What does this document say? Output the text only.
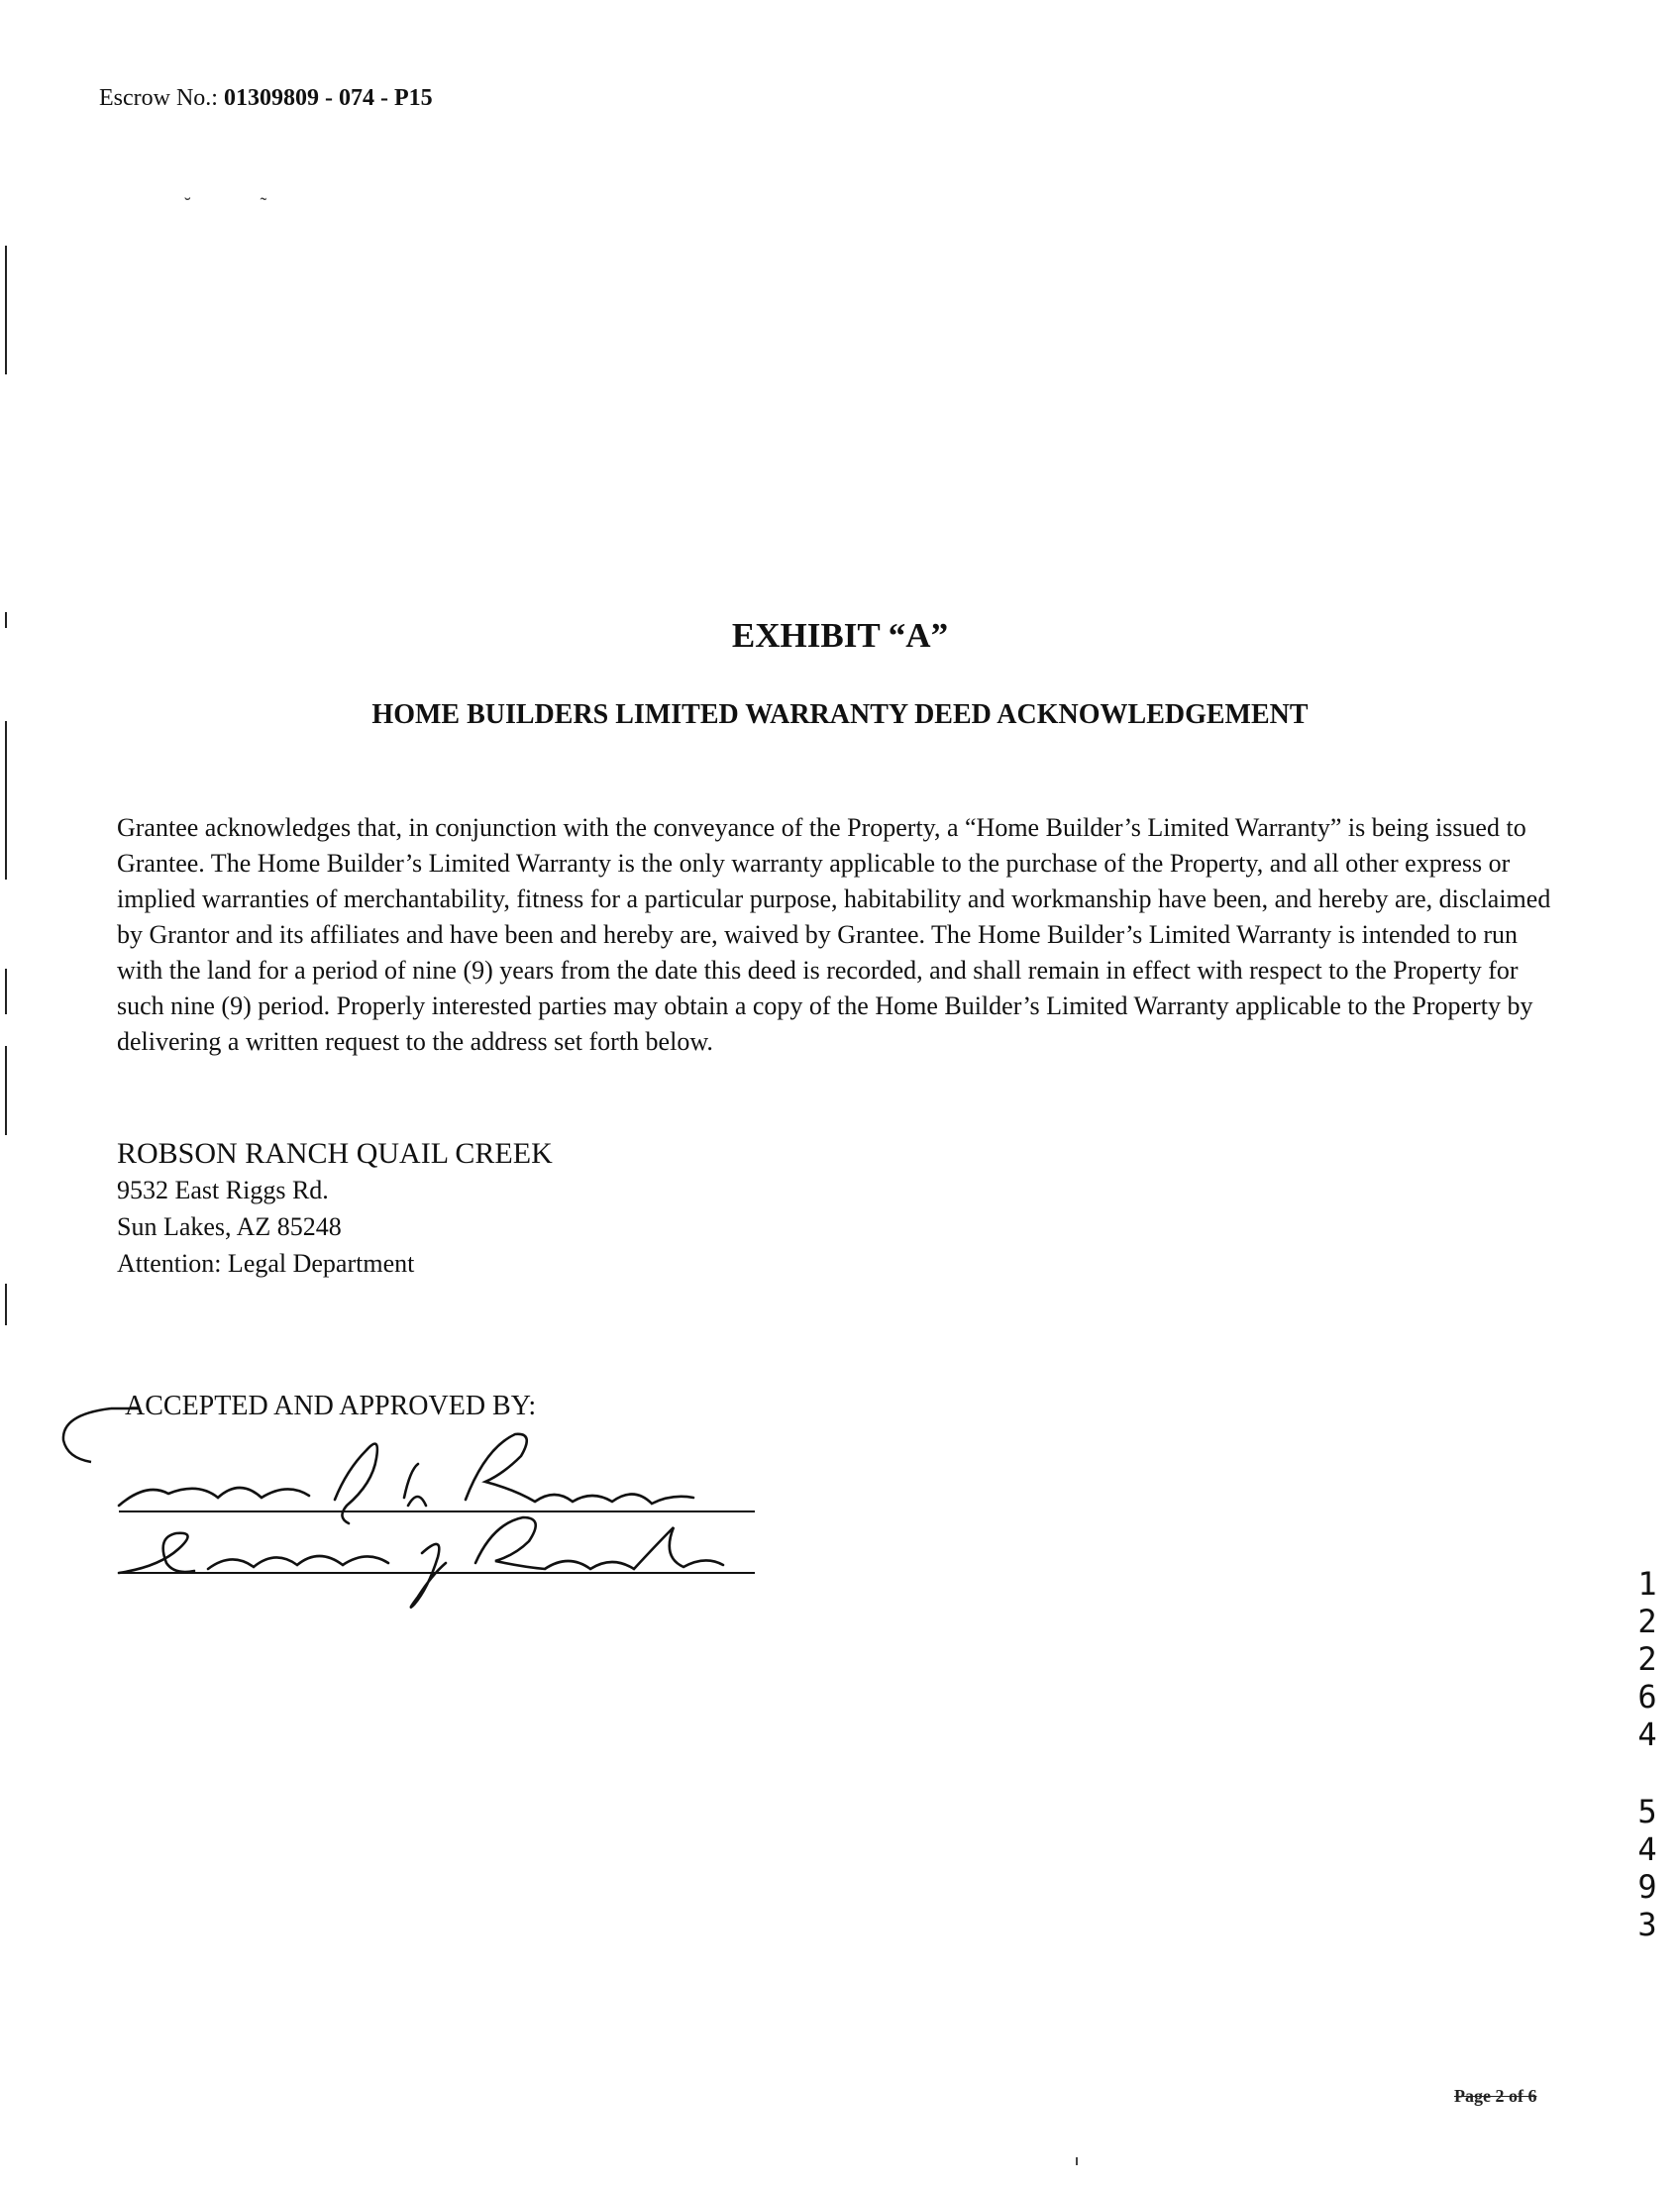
Escrow No.: 01309809 - 074 - P15
˘˜
EXHIBIT “A”
HOME BUILDERS LIMITED WARRANTY DEED ACKNOWLEDGEMENT
Grantee acknowledges that, in conjunction with the conveyance of the Property, a “Home Builder’s Limited Warranty” is being issued to Grantee. The Home Builder’s Limited Warranty is the only warranty applicable to the purchase of the Property, and all other express or implied warranties of merchantability, fitness for a particular purpose, habitability and workmanship have been, and hereby are, disclaimed by Grantor and its affiliates and have been and hereby are, waived by Grantee. The Home Builder’s Limited Warranty is intended to run with the land for a period of nine (9) years from the date this deed is recorded, and shall remain in effect with respect to the Property for such nine (9) period. Properly interested parties may obtain a copy of the Home Builder’s Limited Warranty applicable to the Property by delivering a written request to the address set forth below.
ROBSON RANCH QUAIL CREEK
9532 East Riggs Rd.
Sun Lakes, AZ 85248
Attention: Legal Department
ACCEPTED AND APPROVED BY:
1
2
2
6
4
5
4
9
3
Page 2 of 6
